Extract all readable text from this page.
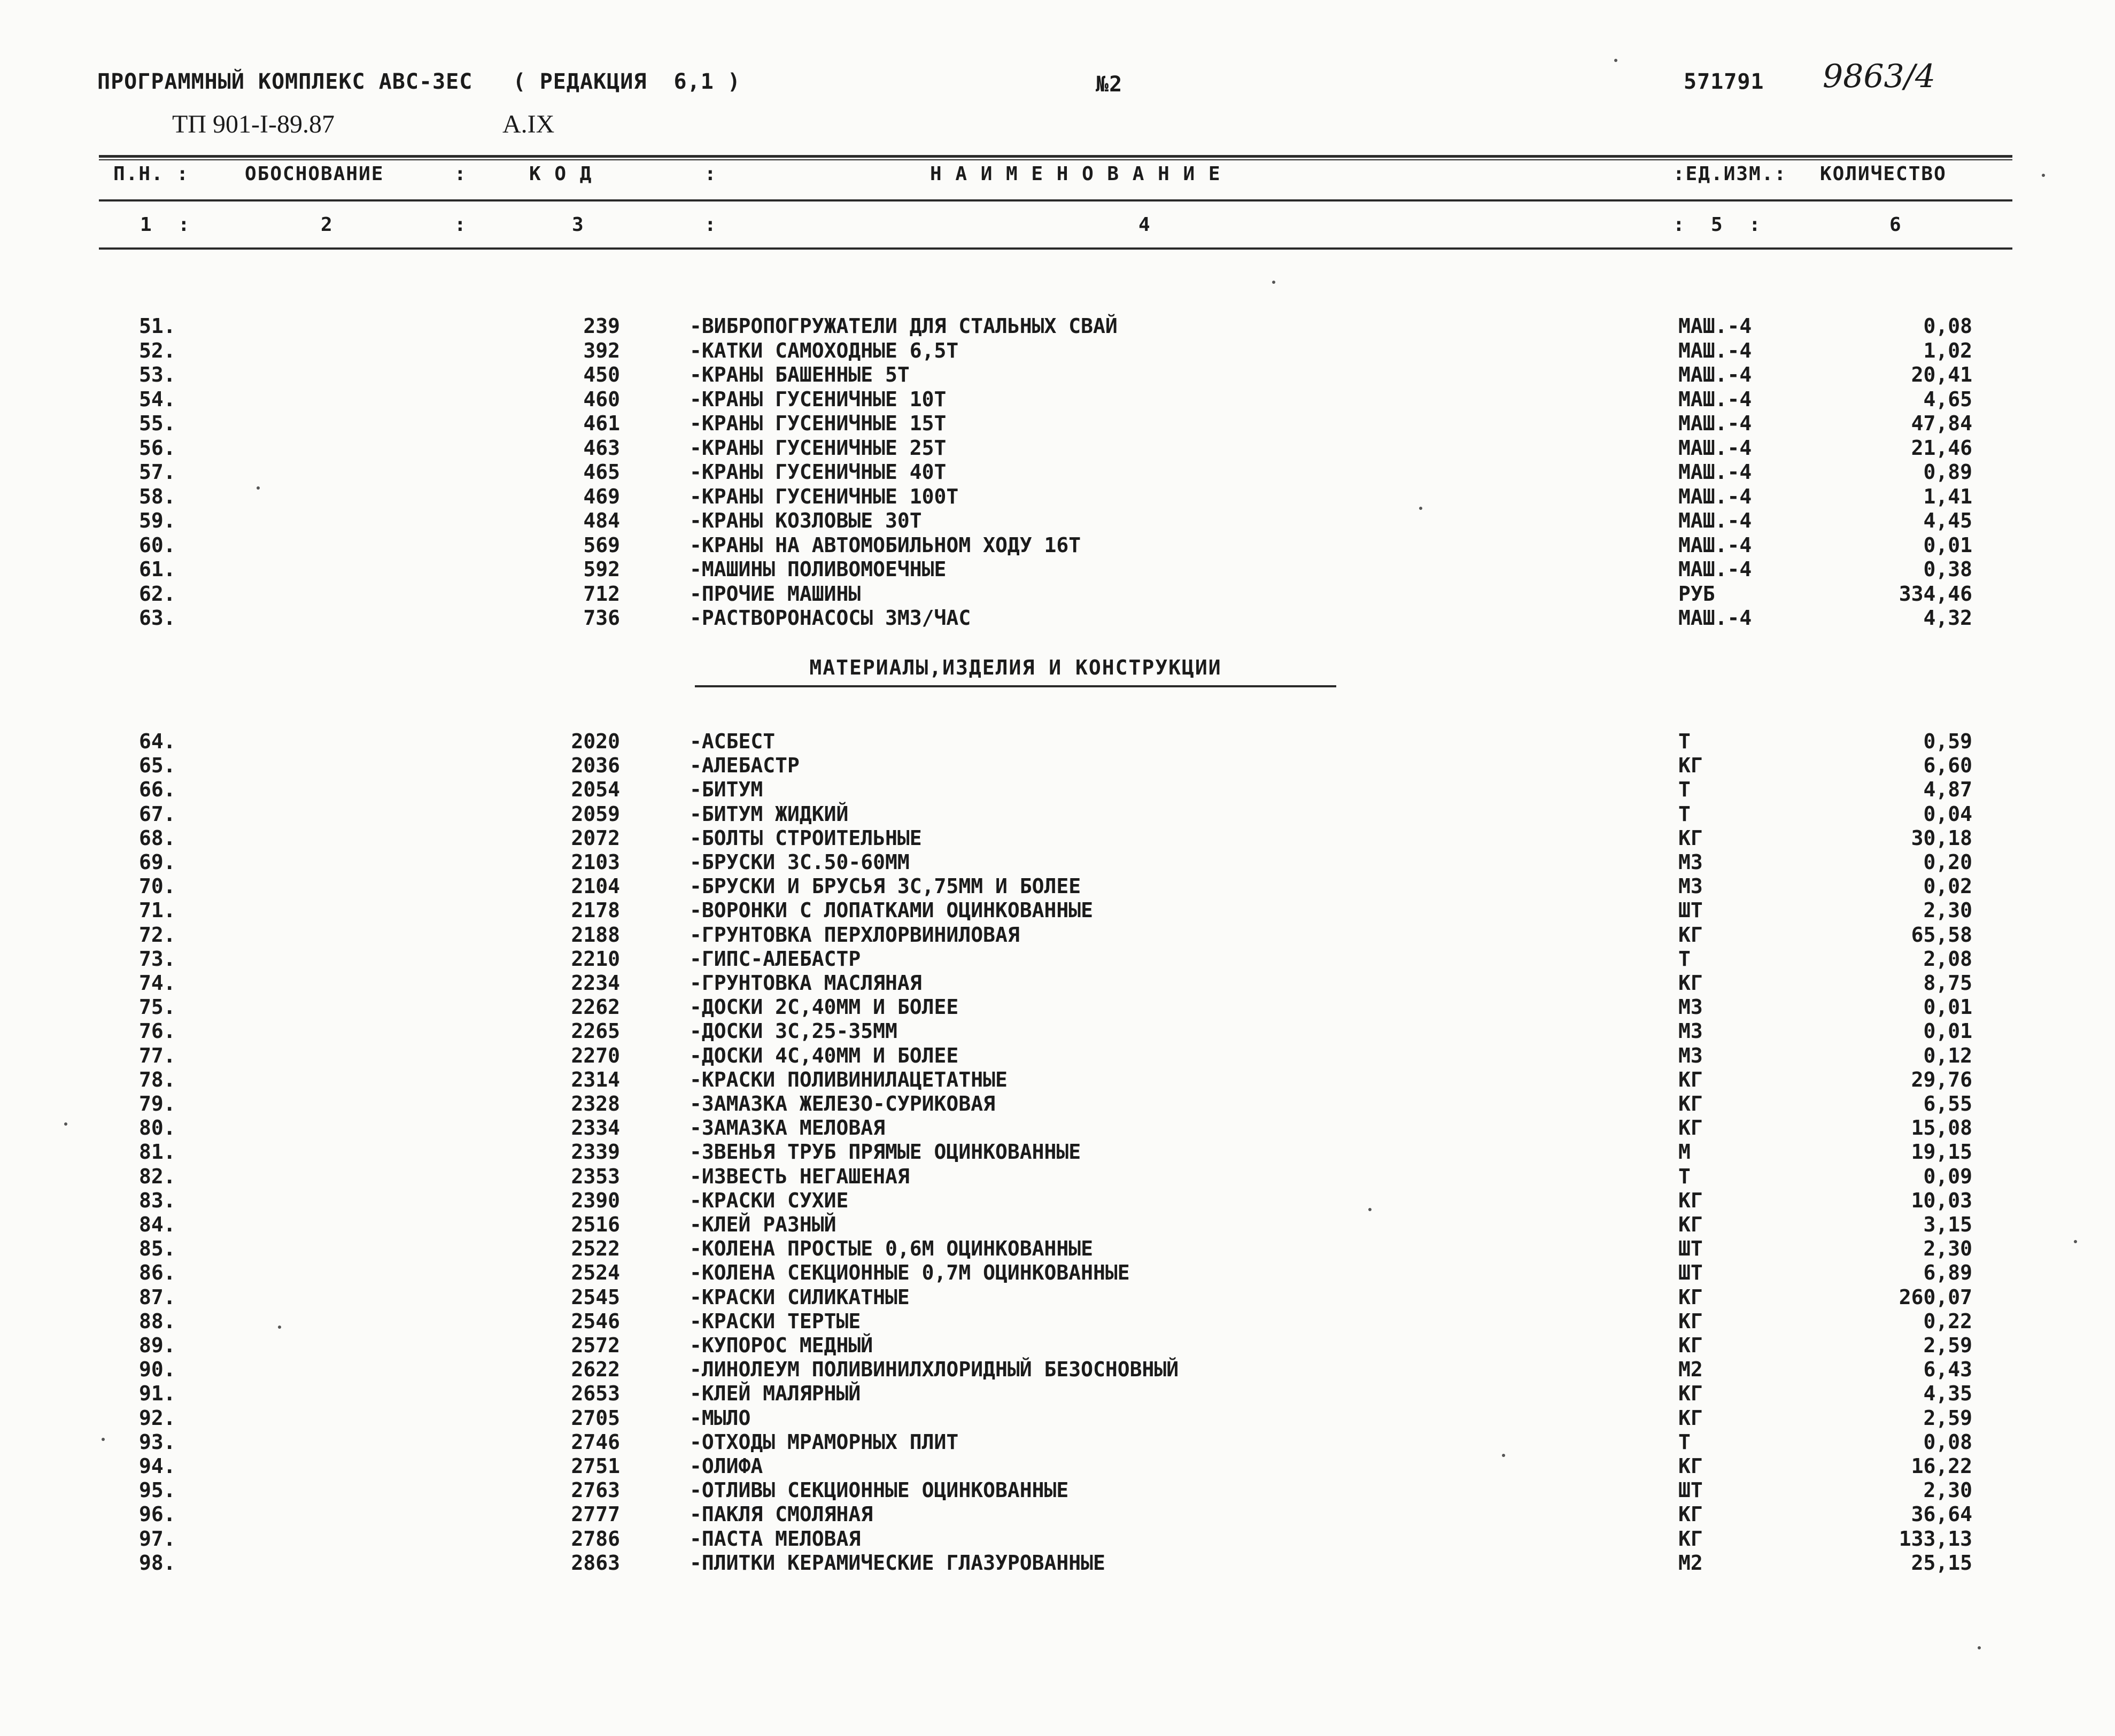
ПРОГРАММНЫЙ КОМПЛЕКС АВС-ЗЕС   ( РЕДАКЦИЯ  6,1 )	№2	571791 9863/4
ТП 901-I-89.87	А.IX
П.Н. :	ОБОСНОВАНИЕ	:	К О Д	:	Н А И М Е Н О В А Н И Е	:ЕД.ИЗМ.: КОЛИЧЕСТВО
1  :	2	:	3	:	4	:  5  :	6
51.	239	-ВИБРОПОГРУЖАТЕЛИ ДЛЯ СТАЛЬНЫХ СВАЙ	МАШ.-4	0,08
52.	392	-КАТКИ САМОХОДНЫЕ 6,5Т	МАШ.-4	1,02
53.	450	-КРАНЫ БАШЕННЫЕ 5Т	МАШ.-4	20,41
54.	460	-КРАНЫ ГУСЕНИЧНЫЕ 10Т	МАШ.-4	4,65
55.	461	-КРАНЫ ГУСЕНИЧНЫЕ 15Т	МАШ.-4	47,84
56.	463	-КРАНЫ ГУСЕНИЧНЫЕ 25Т	МАШ.-4	21,46
57.	465	-КРАНЫ ГУСЕНИЧНЫЕ 40Т	МАШ.-4	0,89
58.	469	-КРАНЫ ГУСЕНИЧНЫЕ 100Т	МАШ.-4	1,41
59.	484	-КРАНЫ КОЗЛОВЫЕ 30Т	МАШ.-4	4,45
60.	569	-КРАНЫ НА АВТОМОБИЛЬНОМ ХОДУ 16Т	МАШ.-4	0,01
61.	592	-МАШИНЫ ПОЛИВОМОЕЧНЫЕ	МАШ.-4	0,38
62.	712	-ПРОЧИЕ МАШИНЫ	РУБ	334,46
63.	736	-РАСТВОРОНАСОСЫ 3М3/ЧАС	МАШ.-4	4,32
МАТЕРИАЛЫ,ИЗДЕЛИЯ И КОНСТРУКЦИИ
64.	2020	-АСБЕСТ	Т	0,59
65.	2036	-АЛЕБАСТР	КГ	6,60
66.	2054	-БИТУМ	Т	4,87
67.	2059	-БИТУМ ЖИДКИЙ	Т	0,04
68.	2072	-БОЛТЫ СТРОИТЕЛЬНЫЕ	КГ	30,18
69.	2103	-БРУСКИ 3С.50-60ММ	М3	0,20
70.	2104	-БРУСКИ И БРУСЬЯ 3С,75ММ И БОЛЕЕ	М3	0,02
71.	2178	-ВОРОНКИ С ЛОПАТКАМИ ОЦИНКОВАННЫЕ	ШТ	2,30
72.	2188	-ГРУНТОВКА ПЕРХЛОРВИНИЛОВАЯ	КГ	65,58
73.	2210	-ГИПС-АЛЕБАСТР	Т	2,08
74.	2234	-ГРУНТОВКА МАСЛЯНАЯ	КГ	8,75
75.	2262	-ДОСКИ 2С,40ММ И БОЛЕЕ	М3	0,01
76.	2265	-ДОСКИ 3С,25-35ММ	М3	0,01
77.	2270	-ДОСКИ 4С,40ММ И БОЛЕЕ	М3	0,12
78.	2314	-КРАСКИ ПОЛИВИНИЛАЦЕТАТНЫЕ	КГ	29,76
79.	2328	-ЗАМАЗКА ЖЕЛЕЗО-СУРИКОВАЯ	КГ	6,55
80.	2334	-ЗАМАЗКА МЕЛОВАЯ	КГ	15,08
81.	2339	-ЗВЕНЬЯ ТРУБ ПРЯМЫЕ ОЦИНКОВАННЫЕ	М	19,15
82.	2353	-ИЗВЕСТЬ НЕГАШЕНАЯ	Т	0,09
83.	2390	-КРАСКИ СУХИЕ	КГ	10,03
84.	2516	-КЛЕЙ РАЗНЫЙ	КГ	3,15
85.	2522	-КОЛЕНА ПРОСТЫЕ 0,6М ОЦИНКОВАННЫЕ	ШТ	2,30
86.	2524	-КОЛЕНА СЕКЦИОННЫЕ 0,7М ОЦИНКОВАННЫЕ	ШТ	6,89
87.	2545	-КРАСКИ СИЛИКАТНЫЕ	КГ	260,07
88.	2546	-КРАСКИ ТЕРТЫЕ	КГ	0,22
89.	2572	-КУПОРОС МЕДНЫЙ	КГ	2,59
90.	2622	-ЛИНОЛЕУМ ПОЛИВИНИЛХЛОРИДНЫЙ БЕЗОСНОВНЫЙ	М2	6,43
91.	2653	-КЛЕЙ МАЛЯРНЫЙ	КГ	4,35
92.	2705	-МЫЛО	КГ	2,59
93.	2746	-ОТХОДЫ МРАМОРНЫХ ПЛИТ	Т	0,08
94.	2751	-ОЛИФА	КГ	16,22
95.	2763	-ОТЛИВЫ СЕКЦИОННЫЕ ОЦИНКОВАННЫЕ	ШТ	2,30
96.	2777	-ПАКЛЯ СМОЛЯНАЯ	КГ	36,64
97.	2786	-ПАСТА МЕЛОВАЯ	КГ	133,13
98.	2863	-ПЛИТКИ КЕРАМИЧЕСКИЕ ГЛАЗУРОВАННЫЕ	М2	25,15
